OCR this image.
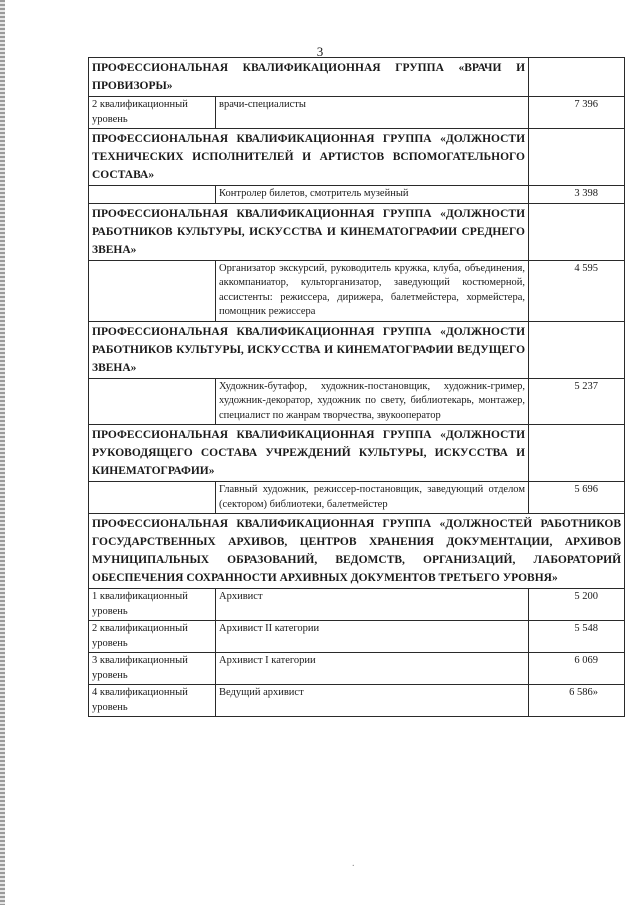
3
ПРОФЕССИОНАЛЬНАЯ КВАЛИФИКАЦИОННАЯ ГРУППА «ВРАЧИ И ПРОВИЗОРЫ»		
2 квалификационный уровень	врачи-специалисты	7 396
ПРОФЕССИОНАЛЬНАЯ КВАЛИФИКАЦИОННАЯ ГРУППА «ДОЛЖНОСТИ ТЕХНИЧЕСКИХ ИСПОЛНИТЕЛЕЙ И АРТИСТОВ ВСПОМОГАТЕЛЬНОГО СОСТАВА»		
	Контролер билетов, смотритель музейный	3 398
ПРОФЕССИОНАЛЬНАЯ КВАЛИФИКАЦИОННАЯ ГРУППА «ДОЛЖНОСТИ РАБОТНИКОВ КУЛЬТУРЫ, ИСКУССТВА И КИНЕМАТОГРАФИИ СРЕДНЕГО ЗВЕНА»		
	Организатор экскурсий, руководитель кружка, клуба, объединения, аккомпаниатор, культорганизатор, заведующий костюмерной, ассистенты: режиссера, дирижера, балетмейстера, хормейстера, помощник режиссера	4 595
ПРОФЕССИОНАЛЬНАЯ КВАЛИФИКАЦИОННАЯ ГРУППА «ДОЛЖНОСТИ РАБОТНИКОВ КУЛЬТУРЫ, ИСКУССТВА И КИНЕМАТОГРАФИИ ВЕДУЩЕГО ЗВЕНА»		
	Художник-бутафор, художник-постановщик, художник-гример, художник-декоратор, художник по свету, библиотекарь, монтажер, специалист по жанрам творчества, звукооператор	5 237
ПРОФЕССИОНАЛЬНАЯ КВАЛИФИКАЦИОННАЯ ГРУППА «ДОЛЖНОСТИ РУКОВОДЯЩЕГО СОСТАВА УЧРЕЖДЕНИЙ КУЛЬТУРЫ, ИСКУССТВА И КИНЕМАТОГРАФИИ»		
	Главный художник, режиссер-постановщик, заведующий отделом (сектором) библиотеки, балетмейстер	5 696
ПРОФЕССИОНАЛЬНАЯ КВАЛИФИКАЦИОННАЯ ГРУППА «ДОЛЖНОСТЕЙ РАБОТНИКОВ ГОСУДАРСТВЕННЫХ АРХИВОВ, ЦЕНТРОВ ХРАНЕНИЯ ДОКУМЕНТАЦИИ, АРХИВОВ МУНИЦИПАЛЬНЫХ ОБРАЗОВАНИЙ, ВЕДОМСТВ, ОРГАНИЗАЦИЙ, ЛАБОРАТОРИЙ ОБЕСПЕЧЕНИЯ СОХРАННОСТИ АРХИВНЫХ ДОКУМЕНТОВ ТРЕТЬЕГО УРОВНЯ»		
1 квалификационный уровень	Архивист	5 200
2 квалификационный уровень	Архивист II категории	5 548
3 квалификационный уровень	Архивист I категории	6 069
4 квалификационный уровень	Ведущий архивист	6 586»
.
